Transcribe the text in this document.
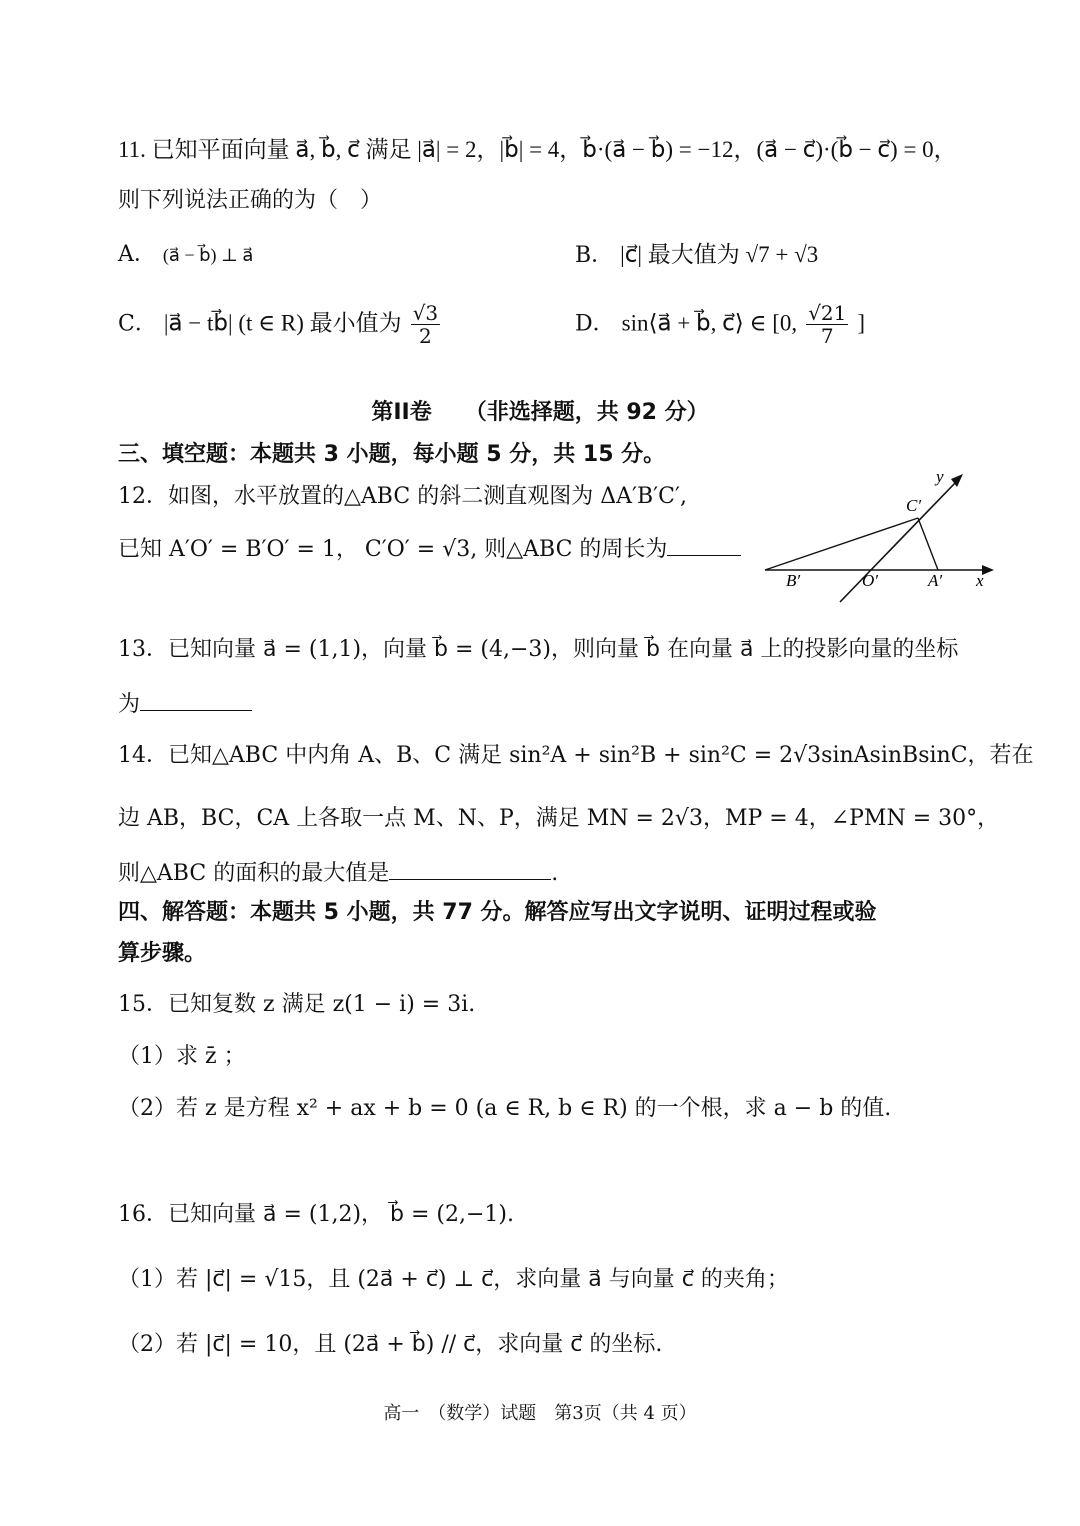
11. 已知平面向量 a⃗, b⃗, c⃗ 满足 |a⃗| = 2，|b⃗| = 4，b⃗·(a⃗ − b⃗) = −12，(a⃗ − c⃗)·(b⃗ − c⃗) = 0，
则下列说法正确的为（　）
A． (a⃗ − b⃗) ⊥ a⃗	B． |c⃗| 最大值为 √7 + √3
C． |a⃗ − tb⃗| (t ∈ R) 最小值为 $\frac{√3}{2}$	D． sin⟨a⃗ + b⃗, c⃗⟩ ∈ [0, $\frac{√21}{7}$ ]
第II卷　　（非选择题，共 92 分）
三、填空题：本题共 3 小题，每小题 5 分，共 15 分。
12．如图，水平放置的△ABC 的斜二测直观图为 ΔA′B′C′,
已知 A′O′ = B′O′ = 1， C′O′ = √3, 则△ABC 的周长为
y
x
C′
B′	O′	A′
13．已知向量 a⃗ = (1,1)，向量 b⃗ = (4,−3)，则向量 b⃗ 在向量 a⃗ 上的投影向量的坐标
为
14．已知△ABC 中内角 A、B、C 满足 sin²A + sin²B + sin²C = 2√3sinAsinBsinC，若在
边 AB，BC，CA 上各取一点 M、N、P，满足 MN = 2√3，MP = 4，∠PMN = 30°，
则△ABC 的面积的最大值是	.
四、解答题：本题共 5 小题，共 77 分。解答应写出文字说明、证明过程或验
算步骤。
15．已知复数 z 满足 z(1 − i) = 3i.
（1）求 z̄ ；
（2）若 z 是方程 x² + ax + b = 0 (a ∈ R, b ∈ R) 的一个根，求 a − b 的值.
16．已知向量 a⃗ = (1,2)， b⃗ = (2,−1).
（1）若 |c⃗| = √15，且 (2a⃗ + c⃗) ⊥ c⃗，求向量 a⃗ 与向量 c⃗ 的夹角；
（2）若 |c⃗| = 10，且 (2a⃗ + b⃗) // c⃗，求向量 c⃗ 的坐标.
高一　（数学）试题　第3页（共 4 页）
